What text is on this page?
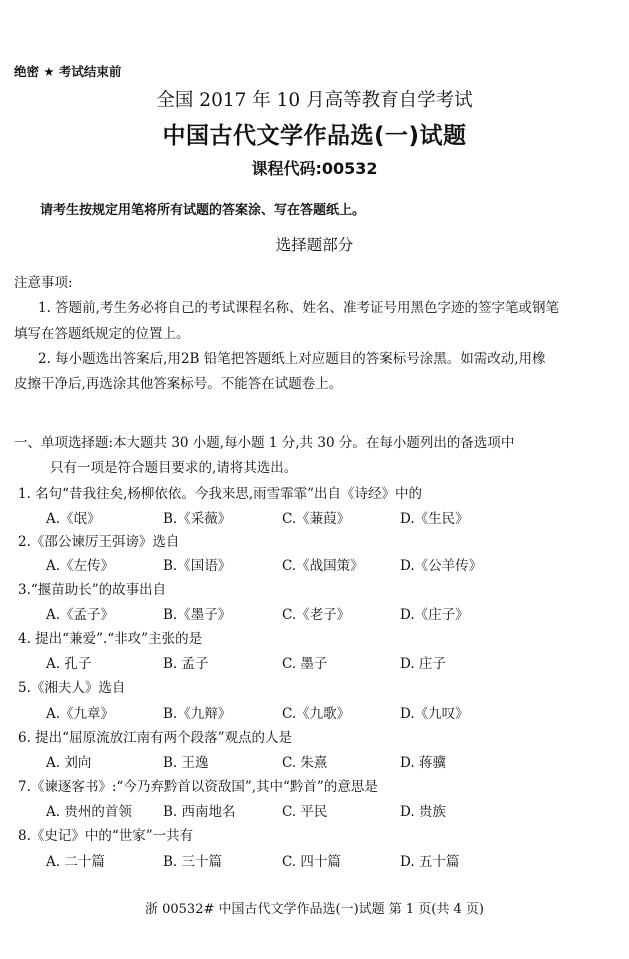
绝密 ★ 考试结束前
全国 2017 年 10 月高等教育自学考试
中国古代文学作品选(一)试题
课程代码:00532
请考生按规定用笔将所有试题的答案涂、写在答题纸上。
选择题部分
注意事项:
1. 答题前,考生务必将自己的考试课程名称、姓名、准考证号用黑色字迹的签字笔或钢笔
填写在答题纸规定的位置上。
2. 每小题选出答案后,用2B 铅笔把答题纸上对应题目的答案标号涂黑。如需改动,用橡
皮擦干净后,再选涂其他答案标号。不能答在试题卷上。
一、单项选择题:本大题共 30 小题,每小题 1 分,共 30 分。在每小题列出的备选项中
只有一项是符合题目要求的,请将其选出。
1. 名句“昔我往矣,杨柳依依。今我来思,雨雪霏霏”出自《诗经》中的
A.《氓》	B.《采薇》	C.《蒹葭》	D.《生民》
2.《邵公谏厉王弭谤》选自
A.《左传》	B.《国语》	C.《战国策》	D.《公羊传》
3.“揠苗助长”的故事出自
A.《孟子》	B.《墨子》	C.《老子》	D.《庄子》
4. 提出“兼爱”.“非攻”主张的是
A. 孔子	B. 孟子	C. 墨子	D. 庄子
5.《湘夫人》选自
A.《九章》	B.《九辩》	C.《九歌》	D.《九叹》
6. 提出“屈原流放江南有两个段落”观点的人是
A. 刘向	B. 王逸	C. 朱熹	D. 蒋骥
7.《谏逐客书》:“今乃弃黔首以资敌国”,其中“黔首”的意思是
A. 贵州的首领 B. 西南地名	C. 平民	D. 贵族
8.《史记》中的“世家”一共有
A. 二十篇	B. 三十篇	C. 四十篇	D. 五十篇
浙 00532# 中国古代文学作品选(一)试题 第 1 页(共 4 页)
